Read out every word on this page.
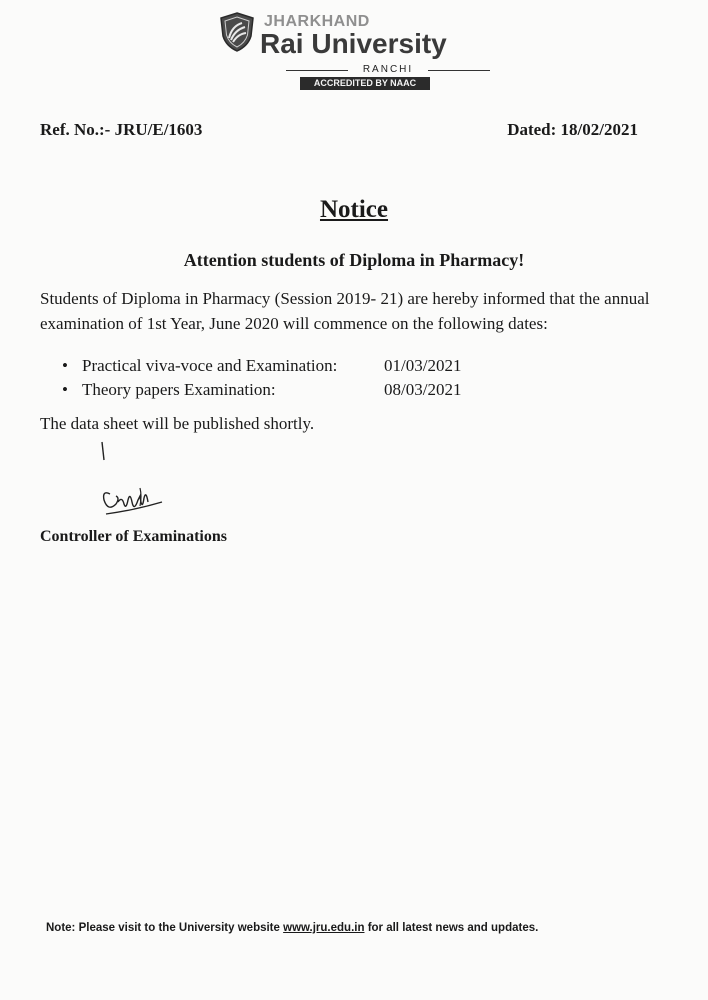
JHARKHAND
Rai University
RANCHI
ACCREDITED BY NAAC
Ref. No.:- JRU/E/1603	Dated: 18/02/2021
Notice
Attention students of Diploma in Pharmacy!

Students of Diploma in Pharmacy (Session 2019- 21) are hereby informed that the annual examination of 1st Year, June 2020 will commence on the following dates:

• Practical viva-voce and Examination:	01/03/2021
• Theory papers Examination:	08/03/2021
The data sheet will be published shortly.
Controller of Examinations
Note: Please visit to the University website www.jru.edu.in for all latest news and updates.
